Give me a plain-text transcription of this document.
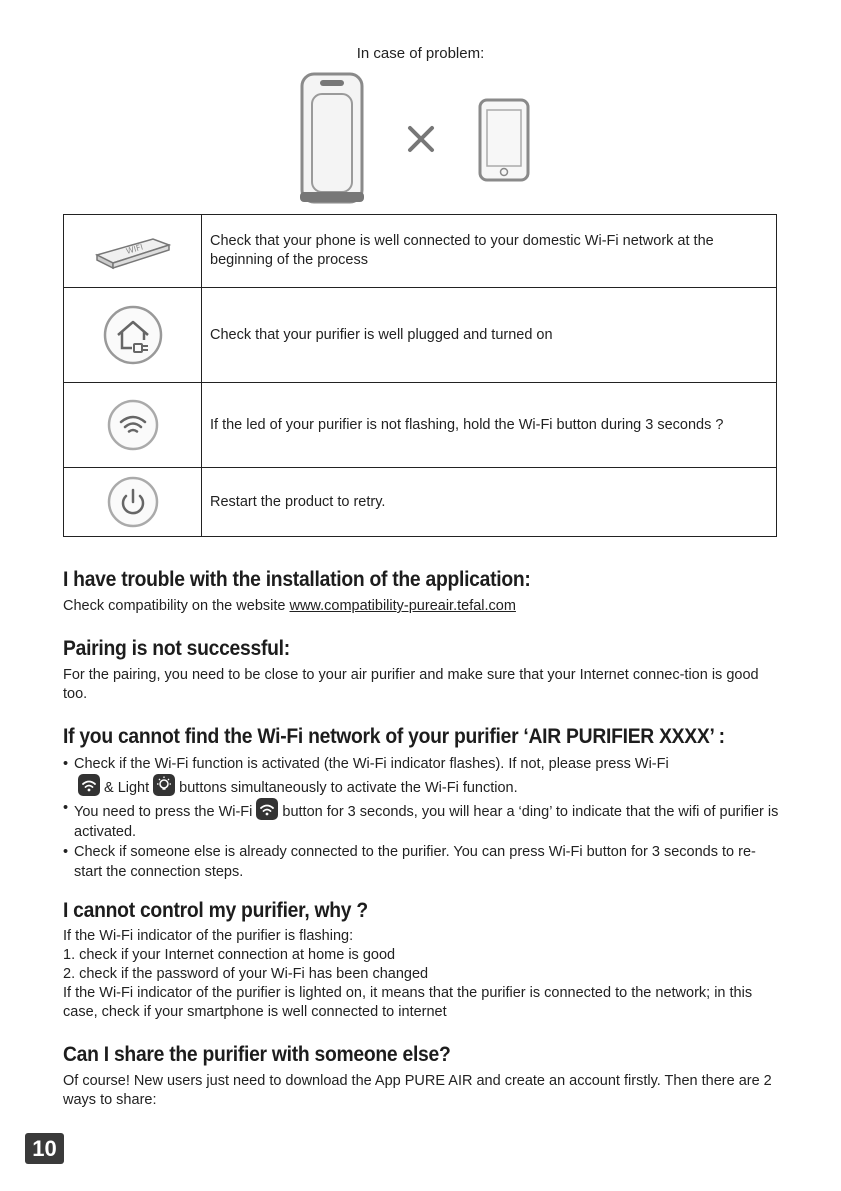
In case of problem:
WIFI	Check that your phone is well connected to your domestic Wi-Fi network at the beginning of the process

	Check that your purifier is well plugged and turned on

	If the led of your purifier is not flashing, hold the Wi-Fi button during 3 seconds ?

	Restart the product to retry.
I have trouble with the installation of the application:
Check compatibility on the website www.compatibility-pureair.tefal.com
Pairing is not successful:
For the pairing, you need to be close to your air purifier and make sure that your Internet connec-tion is good too.
If you cannot find the Wi-Fi network of your purifier ‘AIR PURIFIER XXXX’ :
• Check if the Wi-Fi function is activated (the Wi-Fi indicator flashes). If not, please press Wi-Fi

& Light buttons simultaneously to activate the Wi-Fi function.
• You need to press the Wi-Fi button for 3 seconds, you will hear a ‘ding’ to indicate that the wifi of purifier is activated.
• Check if someone else is already connected to the purifier. You can press Wi-Fi button for 3 seconds to re-start the connection steps.
I cannot control my purifier, why ?
If the Wi-Fi indicator of the purifier is flashing:
1. check if your Internet connection at home is good
2. check if the password of your Wi-Fi has been changed
If the Wi-Fi indicator of the purifier is lighted on, it means that the purifier is connected to the network; in this case, check if your smartphone is well connected to internet
Can I share the purifier with someone else?
Of course! New users just need to download the App PURE AIR and create an account firstly. Then there are 2 ways to share:
10
